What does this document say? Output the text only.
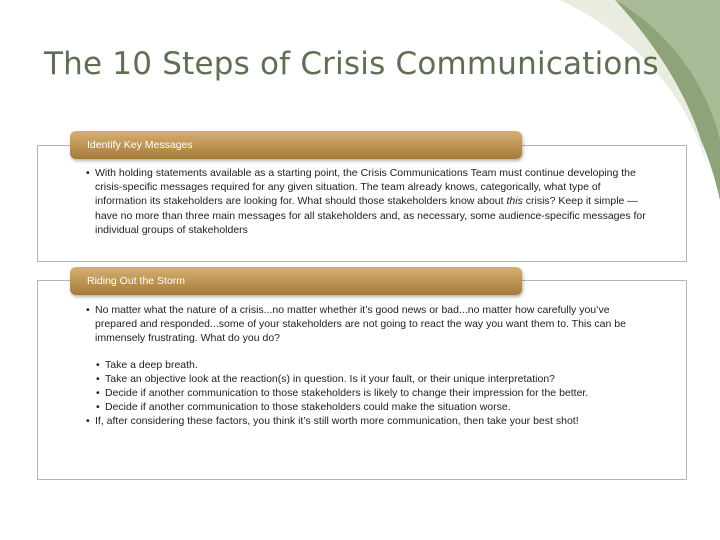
The 10 Steps of Crisis Communications
Identify Key Messages
• With holding statements available as a starting point, the Crisis Communications Team must continue developing the crisis-specific messages required for any given situation. The team already knows, categorically, what type of information its stakeholders are looking for. What should those stakeholders know about this crisis? Keep it simple — have no more than three main messages for all stakeholders and, as necessary, some audience-specific messages for individual groups of stakeholders
Riding Out the Storm
• No matter what the nature of a crisis...no matter whether it’s good news or bad...no matter how carefully you’ve prepared and responded...some of your stakeholders are not going to react the way you want them to. This can be immensely frustrating. What do you do?
• Take a deep breath.
• Take an objective look at the reaction(s) in question. Is it your fault, or their unique interpretation?
• Decide if another communication to those stakeholders is likely to change their impression for the better.
• Decide if another communication to those stakeholders could make the situation worse.
• If, after considering these factors, you think it’s still worth more communication, then take your best shot!
